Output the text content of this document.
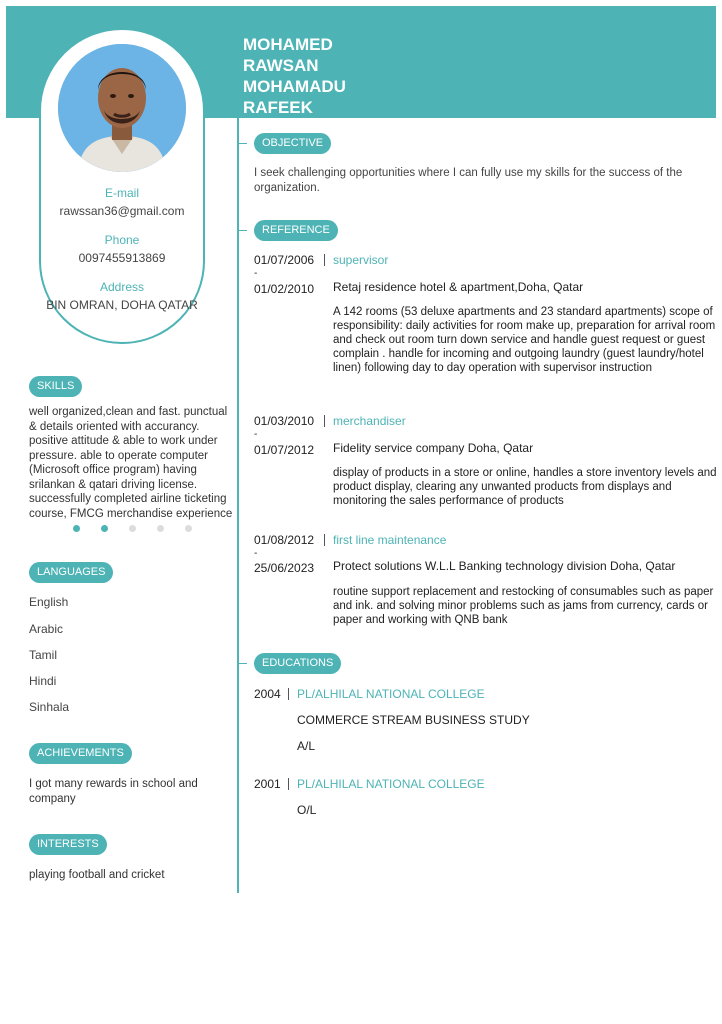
MOHAMED
RAWSAN
MOHAMADU
RAFEEK
E-mail
rawssan36@gmail.com
Phone
0097455913869
Address
BIN OMRAN, DOHA QATAR
SKILLS
well organized,clean and fast. punctual & details oriented with accurancy. positive attitude & able to work under pressure. able to operate computer (Microsoft office program) having srilankan & qatari driving license. successfully completed airline ticketing course, FMCG merchandise experience
LANGUAGES
English
Arabic
Tamil
Hindi
Sinhala
ACHIEVEMENTS
I got many rewards in school and company
INTERESTS
playing football and cricket
OBJECTIVE
I seek challenging opportunities where I can fully use my skills for the success of the organization.
REFERENCE
01/07/2006 supervisor
-
01/02/2010 Retaj residence hotel & apartment,Doha, Qatar
A 142 rooms (53 deluxe apartments and 23 standard apartments) scope of responsibility: daily activities for room make up, preparation for arrival room and check out room turn down service and handle guest request or guest complain . handle for incoming and outgoing laundry (guest laundry/hotel linen) following day to day operation with supervisor instruction
01/03/2010 merchandiser
-
01/07/2012 Fidelity service company Doha, Qatar
display of products in a store or online, handles a store inventory levels and product display, clearing any unwanted products from displays and monitoring the sales performance of products
01/08/2012 first line maintenance
-
25/06/2023 Protect solutions W.L.L Banking technology division Doha, Qatar
routine support replacement and restocking of consumables such as paper and ink. and solving minor problems such as jams from currency, cards or paper and working with QNB bank
EDUCATIONS
2004 PL/ALHILAL NATIONAL COLLEGE
COMMERCE STREAM BUSINESS STUDY
A/L
2001 PL/ALHILAL NATIONAL COLLEGE
O/L
